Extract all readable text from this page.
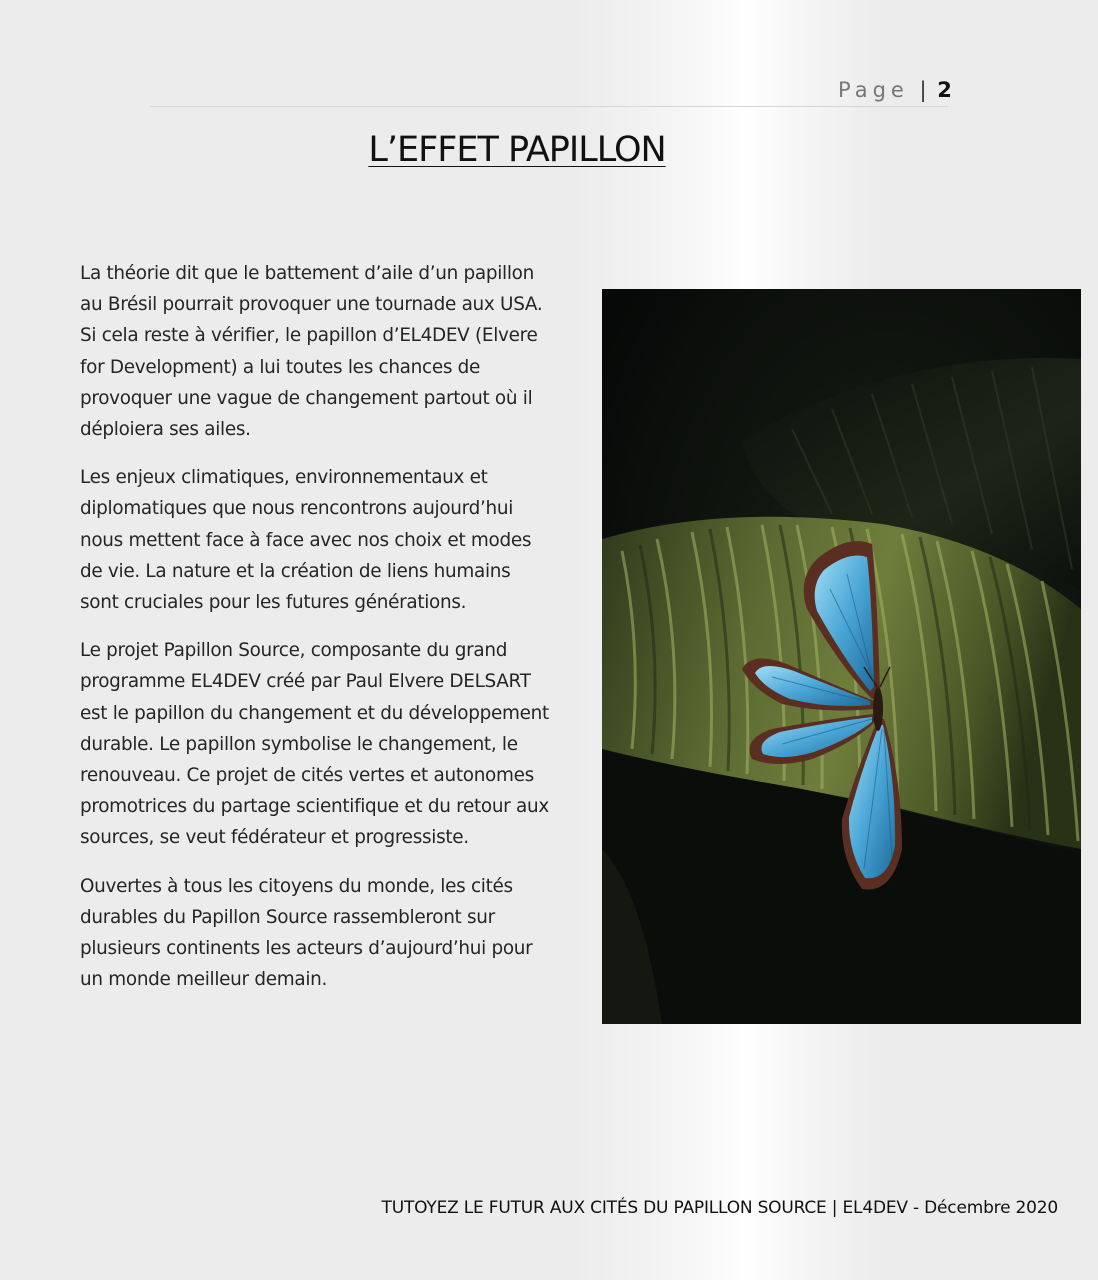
Page | 2
L’EFFET PAPILLON

La théorie dit que le battement d’aile d’un papillon au Brésil pourrait provoquer une tournade aux USA. Si cela reste à vérifier, le papillon d’EL4DEV (Elvere for Development) a lui toutes les chances de provoquer une vague de changement partout où il déploiera ses ailes.

Les enjeux climatiques, environnementaux et diplomatiques que nous rencontrons aujourd’hui nous mettent face à face avec nos choix et modes de vie. La nature et la création de liens humains sont cruciales pour les futures générations.

Le projet Papillon Source, composante du grand programme EL4DEV créé par Paul Elvere DELSART est le papillon du changement et du développement durable. Le papillon symbolise le changement, le renouveau. Ce projet de cités vertes et autonomes promotrices du partage scientifique et du retour aux sources, se veut fédérateur et progressiste.

Ouvertes à tous les citoyens du monde, les cités durables du Papillon Source rassembleront sur plusieurs continents les acteurs d’aujourd’hui pour un monde meilleur demain.

TUTOYEZ LE FUTUR AUX CITÉS DU PAPILLON SOURCE | EL4DEV - Décembre 2020
